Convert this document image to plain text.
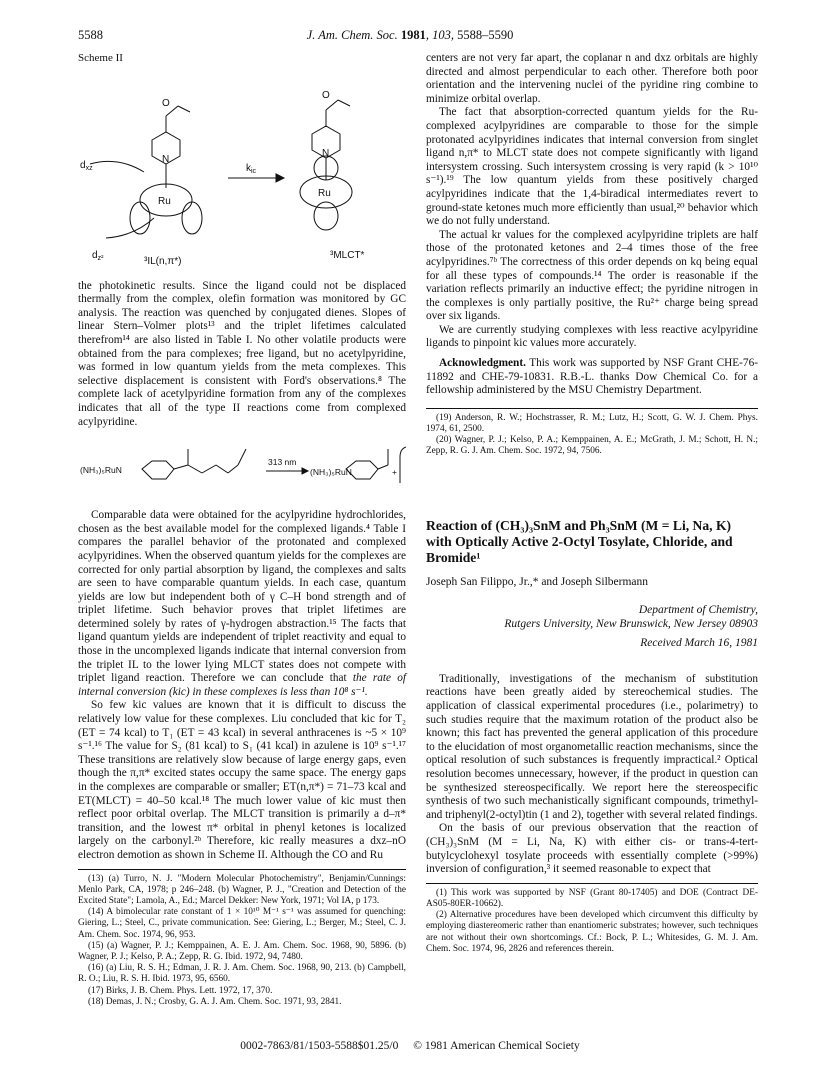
5588	J. Am. Chem. Soc. 1981, 103, 5588–5590
Scheme II
O
N
Ru
$d_{xz}$
$d_{z^2}$	³IL(n,π*)
$k_{ic}$
O
N
Ru
³MLCT*

the photokinetic results. Since the ligand could not be displaced thermally from the complex, olefin formation was monitored by GC analysis. The reaction was quenched by conjugated dienes. Slopes of linear Stern–Volmer plots¹³ and the triplet lifetimes calculated therefrom¹⁴ are also listed in Table I. No other volatile products were obtained from the para complexes; free ligand, but no acetylpyridine, was formed in low quantum yields from the meta complexes. This selective displacement is consistent with Ford's observations.⁸ The complete lack of acetylpyridine formation from any of the complexes indicates that all of the type II reactions come from complexed acylpyridine.

(NH₃)₅RuN
313 nm
(NH₃)₅RuN	+

Comparable data were obtained for the acylpyridine hydrochlorides, chosen as the best available model for the complexed ligands.⁴ Table I compares the parallel behavior of the protonated and complexed acylpyridines. When the observed quantum yields for the complexes are corrected for only partial absorption by ligand, the complexes and salts are seen to have comparable quantum yields. In each case, quantum yields are low but independent both of γ C–H bond strength and of triplet lifetime. Such behavior proves that triplet lifetimes are determined solely by rates of γ-hydrogen abstraction.¹⁵ The facts that ligand quantum yields are independent of triplet reactivity and equal to those in the uncomplexed ligands indicate that internal conversion from the triplet IL to the lower lying MLCT states does not compete with triplet ligand reaction. Therefore we can conclude that the rate of internal conversion (kic) in these complexes is less than 10⁸ s⁻¹.

So few kic values are known that it is difficult to discuss the relatively low value for these complexes. Liu concluded that kic for T₂ (ET = 74 kcal) to T₁ (ET = 43 kcal) in several anthracenes is ~5 × 10⁹ s⁻¹.¹⁶ The value for S₂ (81 kcal) to S₁ (41 kcal) in azulene is 10⁹ s⁻¹.¹⁷ These transitions are relatively slow because of large energy gaps, even though the π,π* excited states occupy the same space. The energy gaps in the complexes are comparable or smaller; ET(n,π*) = 71–73 kcal and ET(MLCT) = 40–50 kcal.¹⁸ The much lower value of kic must then reflect poor orbital overlap. The MLCT transition is primarily a d–π* transition, and the lowest π* orbital in phenyl ketones is localized largely on the carbonyl.²ᵇ Therefore, kic really measures a dxz–nO electron demotion as shown in Scheme II. Although the CO and Ru

(13) (a) Turro, N. J. "Modern Molecular Photochemistry", Benjamin/Cunnings: Menlo Park, CA, 1978; p 246–248. (b) Wagner, P. J., "Creation and Detection of the Excited State"; Lamola, A., Ed.; Marcel Dekker: New York, 1971; Vol IA, p 173.
(14) A bimolecular rate constant of 1 × 10¹⁰ M⁻¹ s⁻¹ was assumed for quenching: Giering, L.; Steel, C., private communication. See: Giering, L.; Berger, M.; Steel, C. J. Am. Chem. Soc. 1974, 96, 953.
(15) (a) Wagner, P. J.; Kemppainen, A. E. J. Am. Chem. Soc. 1968, 90, 5896. (b) Wagner, P. J.; Kelso, P. A.; Zepp, R. G. Ibid. 1972, 94, 7480.
(16) (a) Liu, R. S. H.; Edman, J. R. J. Am. Chem. Soc. 1968, 90, 213. (b) Campbell, R. O.; Liu, R. S. H. Ibid. 1973, 95, 6560.
(17) Birks, J. B. Chem. Phys. Lett. 1972, 17, 370.
(18) Demas, J. N.; Crosby, G. A. J. Am. Chem. Soc. 1971, 93, 2841.

centers are not very far apart, the coplanar n and dxz orbitals are highly directed and almost perpendicular to each other. Therefore both poor orientation and the intervening nuclei of the pyridine ring combine to minimize orbital overlap.

The fact that absorption-corrected quantum yields for the Ru-complexed acylpyridines are comparable to those for the simple protonated acylpyridines indicates that internal conversion from singlet ligand n,π* to MLCT state does not compete significantly with ligand intersystem crossing. Such intersystem crossing is very rapid (k > 10¹⁰ s⁻¹).¹⁹ The low quantum yields from these positively charged acylpyridines indicate that the 1,4-biradical intermediates revert to ground-state ketones much more efficiently than usual,²⁰ behavior which we do not fully understand.

The actual kr values for the complexed acylpyridine triplets are half those of the protonated ketones and 2–4 times those of the free acylpyridines.⁷ᵇ The correctness of this order depends on kq being equal for all these types of compounds.¹⁴ The order is reasonable if the variation reflects primarily an inductive effect; the pyridine nitrogen in the complexes is only partially positive, the Ru²⁺ charge being spread over six ligands.

We are currently studying complexes with less reactive acylpyridine ligands to pinpoint kic values more accurately.

Acknowledgment. This work was supported by NSF Grant CHE-76-11892 and CHE-79-10831. R.B.-L. thanks Dow Chemical Co. for a fellowship administered by the MSU Chemistry Department.

(19) Anderson, R. W.; Hochstrasser, R. M.; Lutz, H.; Scott, G. W. J. Chem. Phys. 1974, 61, 2500.
(20) Wagner, P. J.; Kelso, P. A.; Kemppainen, A. E.; McGrath, J. M.; Schott, H. N.; Zepp, R. G. J. Am. Chem. Soc. 1972, 94, 7506.
Reaction of (CH₃)₃SnM and Ph₃SnM (M = Li, Na, K) with Optically Active 2-Octyl Tosylate, Chloride, and Bromide¹
Joseph San Filippo, Jr.,* and Joseph Silbermann
Department of Chemistry,
Rutgers University, New Brunswick, New Jersey 08903
Received March 16, 1981

Traditionally, investigations of the mechanism of substitution reactions have been greatly aided by stereochemical studies. The application of classical experimental procedures (i.e., polarimetry) to such studies require that the maximum rotation of the product also be known; this fact has prevented the general application of this procedure to the elucidation of most organometallic reaction mechanisms, since the optical resolution of such substances is frequently impractical.² Optical resolution becomes unnecessary, however, if the product in question can be synthesized stereospecifically. We report here the stereospecific synthesis of two such mechanistically significant compounds, trimethyl- and triphenyl(2-octyl)tin (1 and 2), together with several related findings.

On the basis of our previous observation that the reaction of (CH₃)₃SnM (M = Li, Na, K) with either cis- or trans-4-tert-butylcyclohexyl tosylate proceeds with essentially complete (>99%) inversion of configuration,³ it seemed reasonable to expect that

(1) This work was supported by NSF (Grant 80-17405) and DOE (Contract DE-AS05-80ER-10662).
(2) Alternative procedures have been developed which circumvent this difficulty by employing diastereomeric rather than enantiomeric substrates; however, such techniques are not without their own shortcomings. Cf.: Bock, P. L.; Whitesides, G. M. J. Am. Chem. Soc. 1974, 96, 2826 and references therein.
0002-7863/81/1503-5588$01.25/0 © 1981 American Chemical Society
